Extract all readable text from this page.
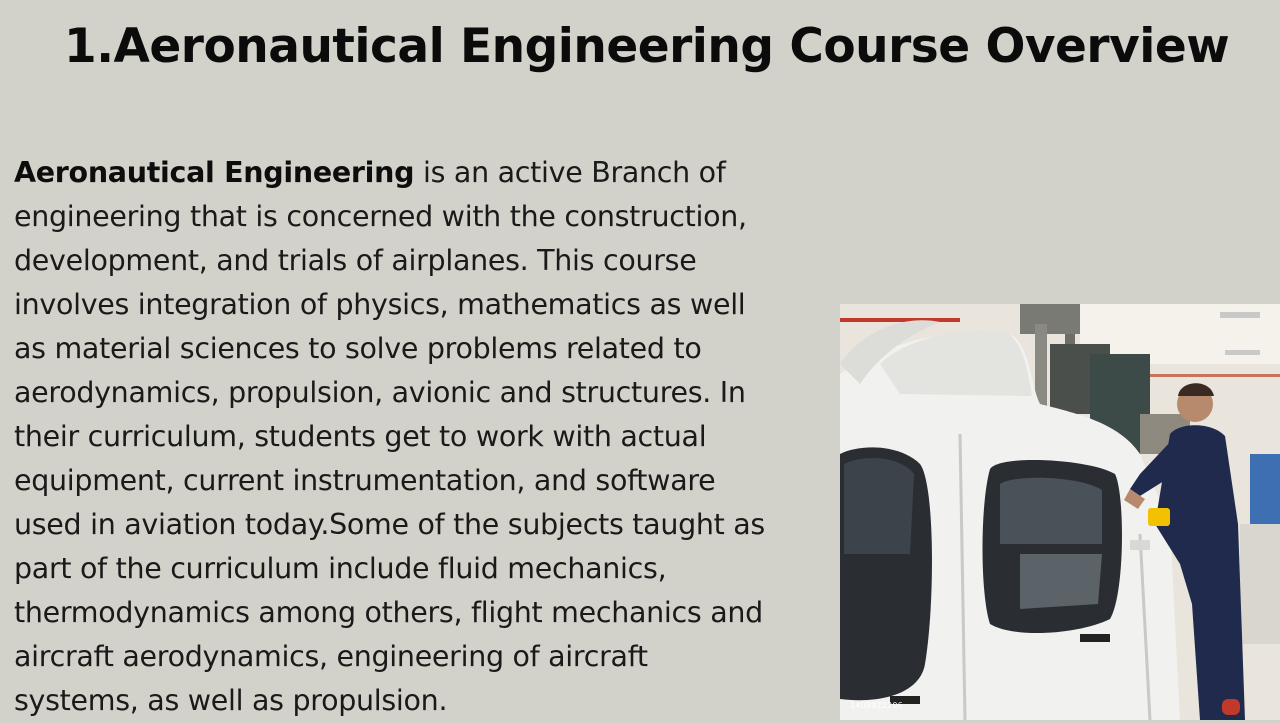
1.Aeronautical Engineering Course Overview

Aeronautical Engineering is an active Branch of
engineering that is concerned with the construction,
development, and trials of airplanes. This course
involves integration of physics, mathematics as well
as material sciences to solve problems related to
aerodynamics, propulsion, avionic and structures. In
their curriculum, students get to work with actual
equipment, current instrumentation, and software
used in aviation today.Some of the subjects taught as
part of the curriculum include fluid mechanics,
thermodynamics among others, flight mechanics and
aircraft aerodynamics, engineering of aircraft
systems, as well as propulsion.	1408922206
